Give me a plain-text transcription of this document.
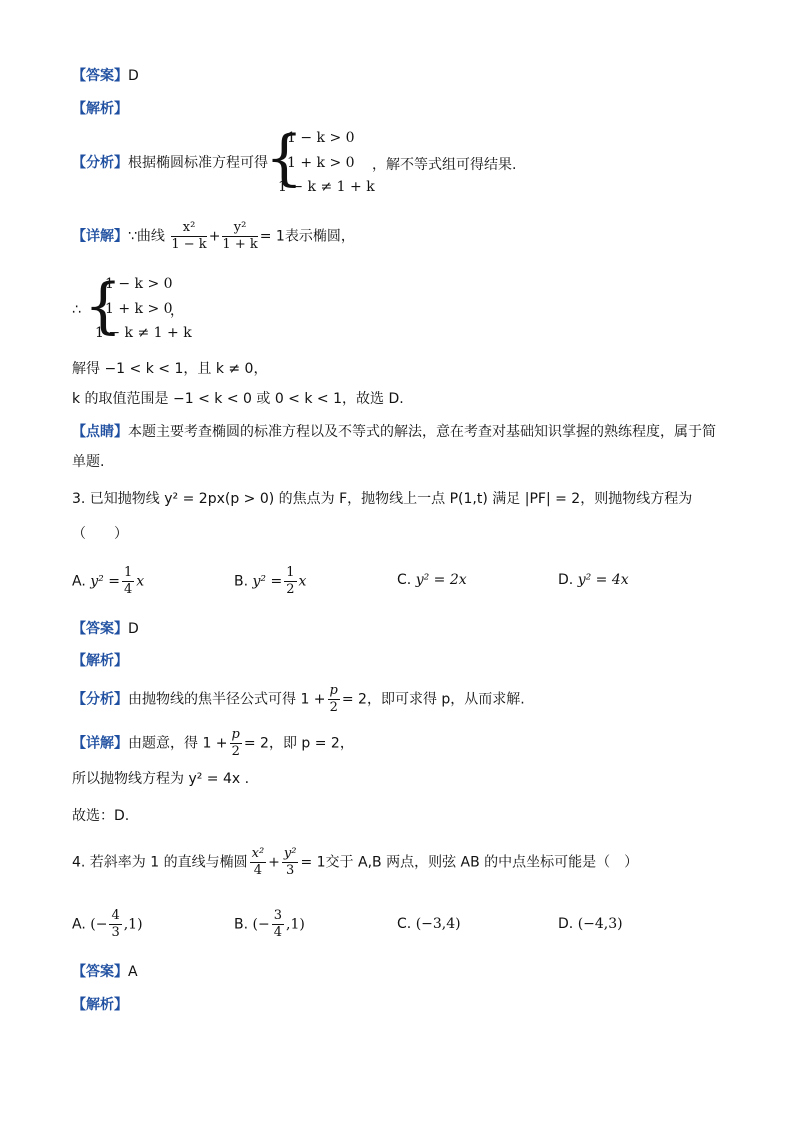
【答案】D
【解析】
【分析】根据椭圆标准方程可得
{
1 − k > 0
1 + k > 0
1 − k ≠ 1 + k
，解不等式组可得结果.
【详解】∵曲线 $\frac{\text{x²}}{1 - k} + \frac{\text{y²}}{1 + k} = 1$表示椭圆，
∴ {
1 − k > 0
1 + k > 0
1 − k ≠ 1 + k
，
解得 −1 < k < 1，且 k ≠ 0，
k 的取值范围是 −1 < k < 0 或 0 < k < 1，故选 D.
【点睛】本题主要考查椭圆的标准方程以及不等式的解法，意在考查对基础知识掌握的熟练程度，属于简
单题.
3. 已知抛物线 y² = 2px(p > 0) 的焦点为 F，抛物线上一点 P(1,t) 满足 |PF| = 2，则抛物线方程为
（　　）
A. $y^2 = \frac{1}{4}$ x	B. $y^2 = \frac{1}{2}$ x	C. y² = 2x	D. y² = 4x
【答案】D
【解析】
【分析】由抛物线的焦半径公式可得 $1 + \frac{p}{2} = 2$，即可求得 p，从而求解.
【详解】由题意，得 $1 + \frac{p}{2} = 2$，即 p = 2，
所以抛物线方程为 y² = 4x .
故选：D.
4. 若斜率为 1 的直线与椭圆 $\frac{\text{x²}}{4} + \frac{\text{y²}}{3} = 1$交于 A,B 两点，则弦 AB 的中点坐标可能是（　）
A. (− $\frac{4}{3} ,1$)	B. (− $\frac{3}{4} ,1$)	C. (−3,4)	D. (−4,3)
【答案】A
【解析】
